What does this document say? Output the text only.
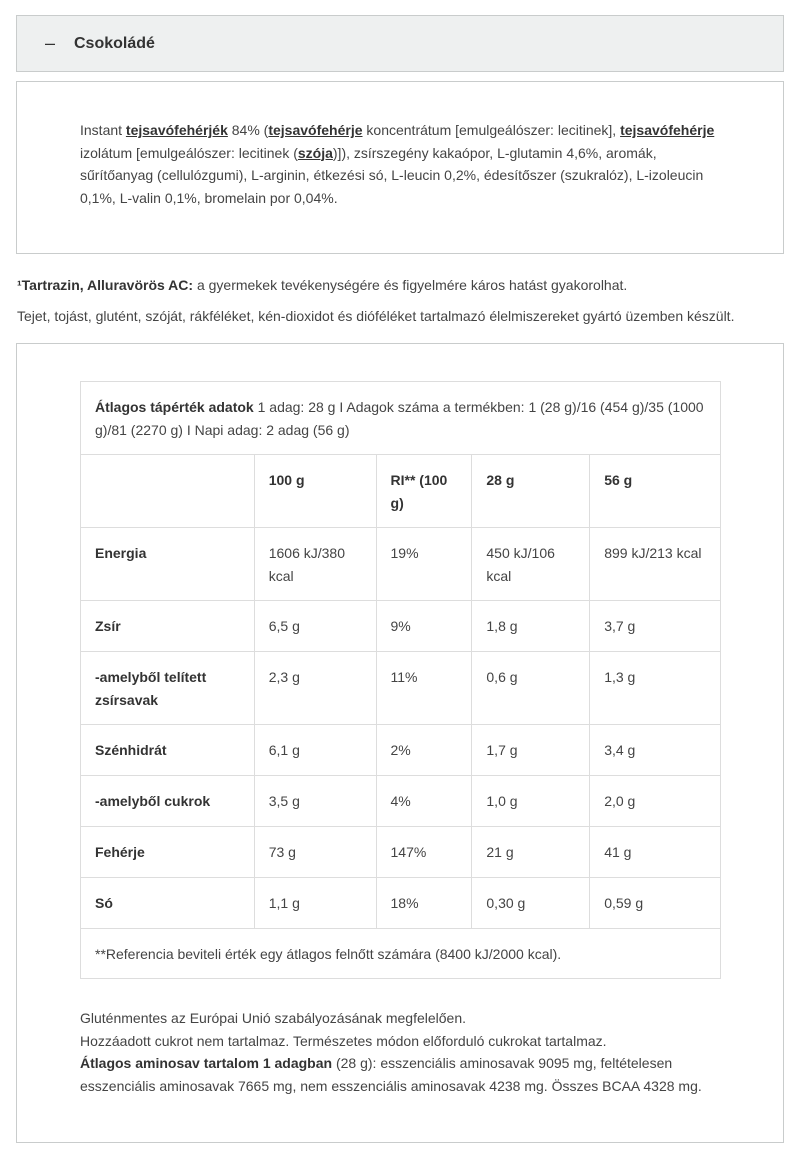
– Csokoládé

Instant tejsavófehérjék 84% (tejsavófehérje koncentrátum [emulgeálószer: lecitinek], tejsavófehérje izolátum [emulgeálószer: lecitinek (szója)]), zsírszegény kakaópor, L-glutamin 4,6%, aromák, sűrítőanyag (cellulózgumi), L-arginin, étkezési só, L-leucin 0,2%, édesítőszer (szukralóz), L-izoleucin 0,1%, L-valin 0,1%, bromelain por 0,04%.

¹Tartrazin, Alluravörös AC: a gyermekek tevékenységére és figyelmére káros hatást gyakorolhat.

Tejet, tojást, glutént, szóját, rákféléket, kén-dioxidot és dióféléket tartalmazó élelmiszereket gyártó üzemben készült.

Átlagos tápérték adatok 1 adag: 28 g I Adagok száma a termékben: 1 (28 g)/16 (454 g)/35 (1000 g)/81 (2270 g) I Napi adag: 2 adag (56 g)				
	100 g	RI** (100 g)	28 g	56 g
Energia	1606 kJ/380 kcal	19%	450 kJ/106 kcal	899 kJ/213 kcal
Zsír	6,5 g	9%	1,8 g	3,7 g
-amelyből telített zsírsavak	2,3 g	11%	0,6 g	1,3 g
Szénhidrát	6,1 g	2%	1,7 g	3,4 g
-amelyből cukrok	3,5 g	4%	1,0 g	2,0 g
Fehérje	73 g	147%	21 g	41 g
Só	1,1 g	18%	0,30 g	0,59 g
**Referencia beviteli érték egy átlagos felnőtt számára (8400 kJ/2000 kcal).				
Gluténmentes az Európai Unió szabályozásának megfelelően.
Hozzáadott cukrot nem tartalmaz. Természetes módon előforduló cukrokat tartalmaz.
Átlagos aminosav tartalom 1 adagban (28 g): esszenciális aminosavak 9095 mg, feltételesen esszenciális aminosavak 7665 mg, nem esszenciális aminosavak 4238 mg. Összes BCAA 4328 mg.
